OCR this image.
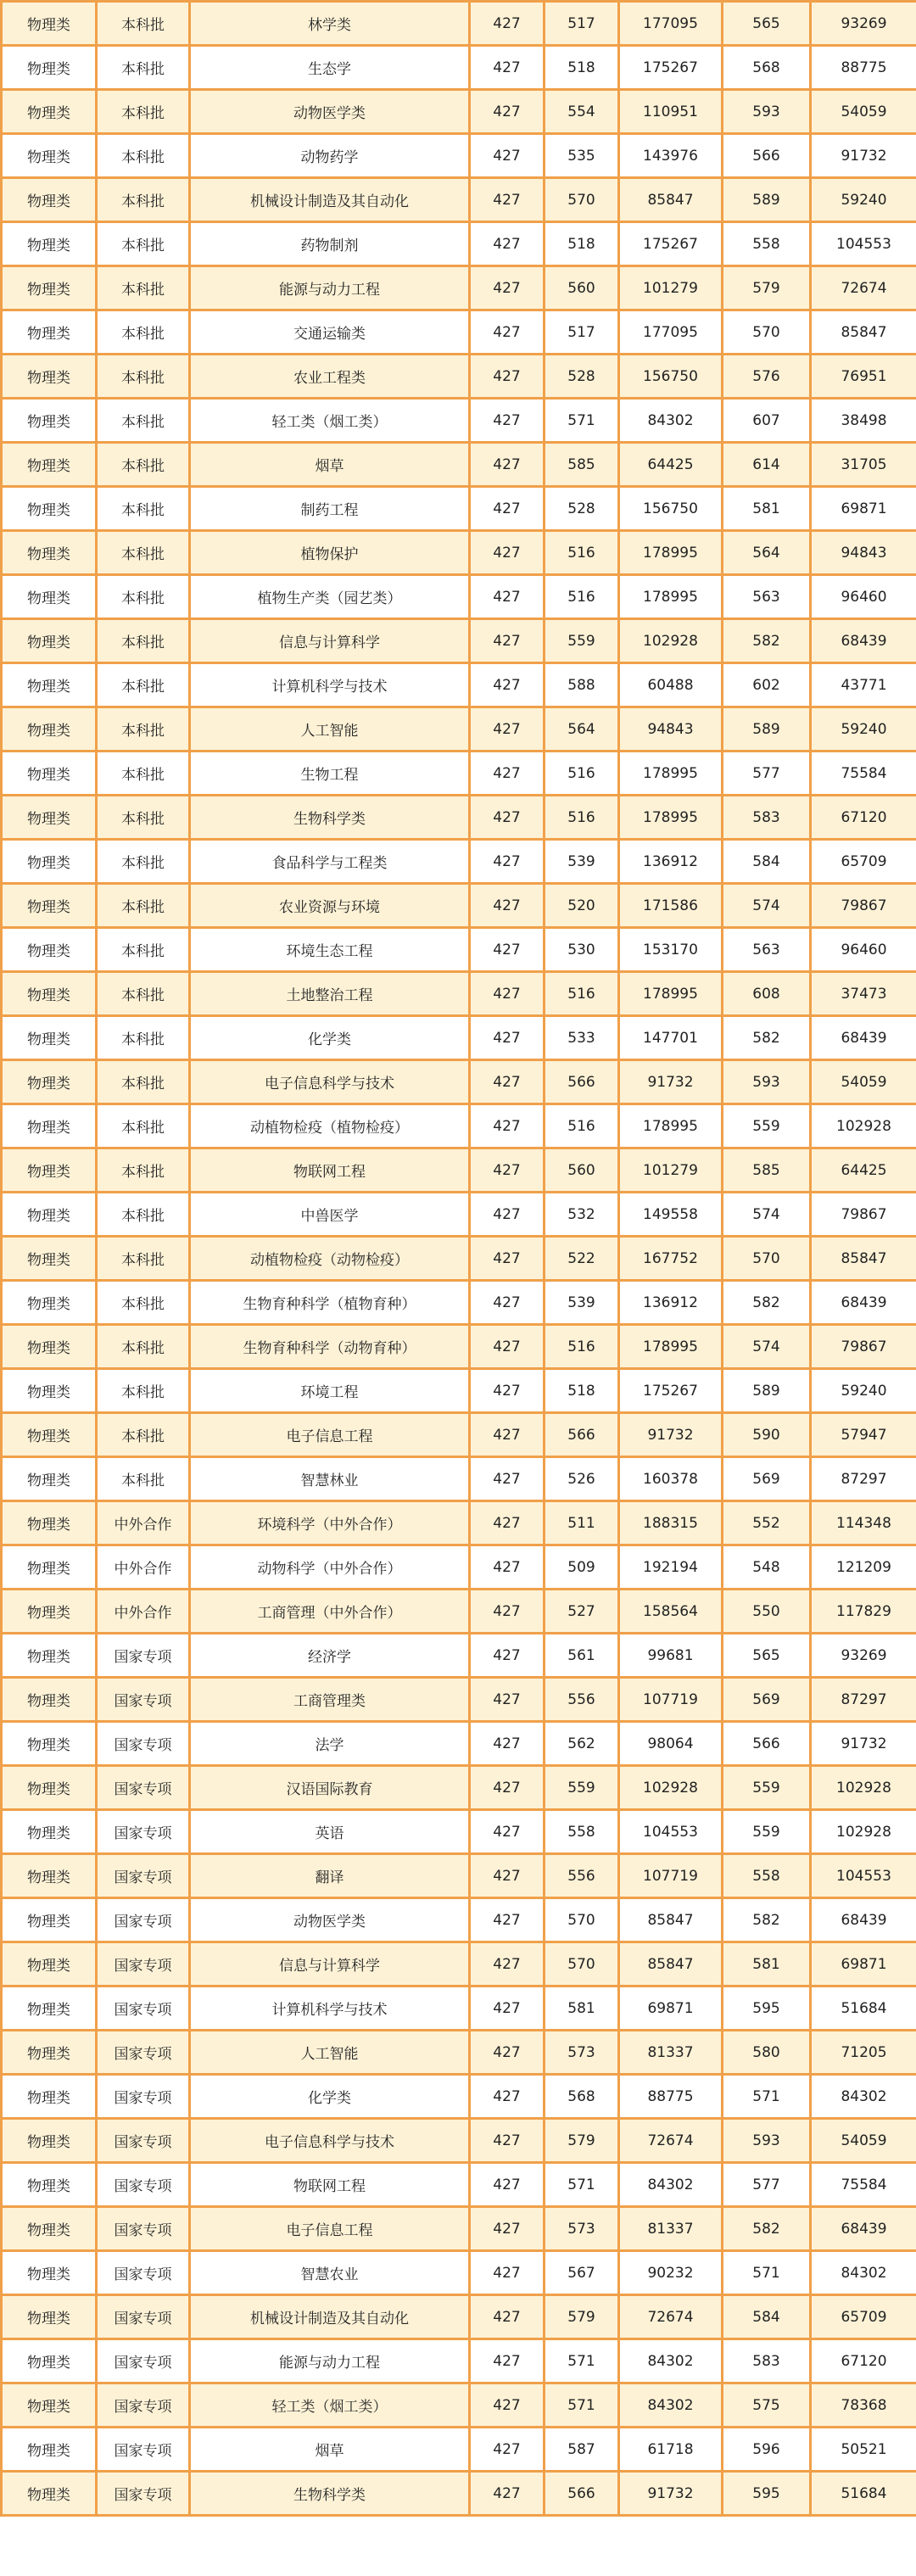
物理类	本科批	林学类	427	517	177095	565	93269
物理类	本科批	生态学	427	518	175267	568	88775
物理类	本科批	动物医学类	427	554	110951	593	54059
物理类	本科批	动物药学	427	535	143976	566	91732
物理类	本科批	机械设计制造及其自动化	427	570	85847	589	59240
物理类	本科批	药物制剂	427	518	175267	558	104553
物理类	本科批	能源与动力工程	427	560	101279	579	72674
物理类	本科批	交通运输类	427	517	177095	570	85847
物理类	本科批	农业工程类	427	528	156750	576	76951
物理类	本科批	轻工类（烟工类）	427	571	84302	607	38498
物理类	本科批	烟草	427	585	64425	614	31705
物理类	本科批	制药工程	427	528	156750	581	69871
物理类	本科批	植物保护	427	516	178995	564	94843
物理类	本科批	植物生产类（园艺类）	427	516	178995	563	96460
物理类	本科批	信息与计算科学	427	559	102928	582	68439
物理类	本科批	计算机科学与技术	427	588	60488	602	43771
物理类	本科批	人工智能	427	564	94843	589	59240
物理类	本科批	生物工程	427	516	178995	577	75584
物理类	本科批	生物科学类	427	516	178995	583	67120
物理类	本科批	食品科学与工程类	427	539	136912	584	65709
物理类	本科批	农业资源与环境	427	520	171586	574	79867
物理类	本科批	环境生态工程	427	530	153170	563	96460
物理类	本科批	土地整治工程	427	516	178995	608	37473
物理类	本科批	化学类	427	533	147701	582	68439
物理类	本科批	电子信息科学与技术	427	566	91732	593	54059
物理类	本科批	动植物检疫（植物检疫）	427	516	178995	559	102928
物理类	本科批	物联网工程	427	560	101279	585	64425
物理类	本科批	中兽医学	427	532	149558	574	79867
物理类	本科批	动植物检疫（动物检疫）	427	522	167752	570	85847
物理类	本科批	生物育种科学（植物育种）	427	539	136912	582	68439
物理类	本科批	生物育种科学（动物育种）	427	516	178995	574	79867
物理类	本科批	环境工程	427	518	175267	589	59240
物理类	本科批	电子信息工程	427	566	91732	590	57947
物理类	本科批	智慧林业	427	526	160378	569	87297
物理类	中外合作	环境科学（中外合作）	427	511	188315	552	114348
物理类	中外合作	动物科学（中外合作）	427	509	192194	548	121209
物理类	中外合作	工商管理（中外合作）	427	527	158564	550	117829
物理类	国家专项	经济学	427	561	99681	565	93269
物理类	国家专项	工商管理类	427	556	107719	569	87297
物理类	国家专项	法学	427	562	98064	566	91732
物理类	国家专项	汉语国际教育	427	559	102928	559	102928
物理类	国家专项	英语	427	558	104553	559	102928
物理类	国家专项	翻译	427	556	107719	558	104553
物理类	国家专项	动物医学类	427	570	85847	582	68439
物理类	国家专项	信息与计算科学	427	570	85847	581	69871
物理类	国家专项	计算机科学与技术	427	581	69871	595	51684
物理类	国家专项	人工智能	427	573	81337	580	71205
物理类	国家专项	化学类	427	568	88775	571	84302
物理类	国家专项	电子信息科学与技术	427	579	72674	593	54059
物理类	国家专项	物联网工程	427	571	84302	577	75584
物理类	国家专项	电子信息工程	427	573	81337	582	68439
物理类	国家专项	智慧农业	427	567	90232	571	84302
物理类	国家专项	机械设计制造及其自动化	427	579	72674	584	65709
物理类	国家专项	能源与动力工程	427	571	84302	583	67120
物理类	国家专项	轻工类（烟工类）	427	571	84302	575	78368
物理类	国家专项	烟草	427	587	61718	596	50521
物理类	国家专项	生物科学类	427	566	91732	595	51684
